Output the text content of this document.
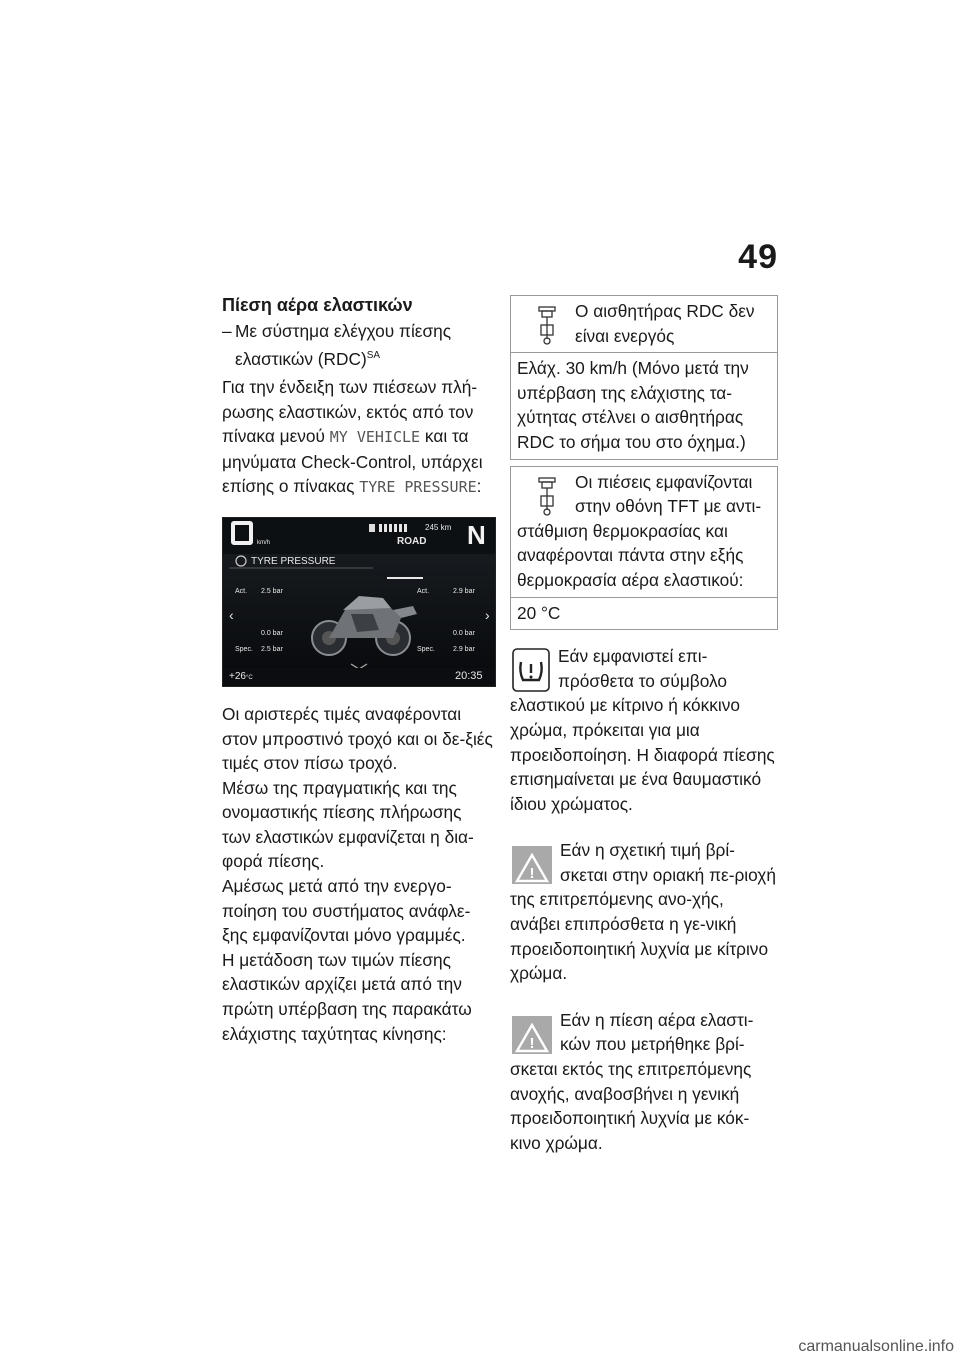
49

Πίεση αέρα ελαστικών

– Με σύστημα ελέγχου πίεσης ελαστικών (RDC)$^{SA}$

Για την ένδειξη των πιέσεων πλή-ρωσης ελαστικών, εκτός από τον πίνακα μενού MY VEHICLE και τα μηνύματα Check-Control, υπάρχει επίσης ο πίνακας TYRE PRESSURE:

km/h
245 km
ROAD N
TYRE PRESSURE
Act. 2.5 bar	Act.	2.9 bar
‹	›
0.0 bar	0.0 bar
Spec. 2.5 bar	Spec.	2.9 bar
+26°C	20:35

Οι αριστερές τιμές αναφέρονται στον μπροστινό τροχό και οι δε-ξιές τιμές στον πίσω τροχό.

Μέσω της πραγματικής και της ονομαστικής πίεσης πλήρωσης των ελαστικών εμφανίζεται η δια-φορά πίεσης.

Αμέσως μετά από την ενεργο-ποίηση του συστήματος ανάφλε-ξης εμφανίζονται μόνο γραμμές.

Η μετάδοση των τιμών πίεσης ελαστικών αρχίζει μετά από την πρώτη υπέρβαση της παρακάτω ελάχιστης ταχύτητας κίνησης:

Ο αισθητήρας RDC δεν είναι ενεργός

Ελάχ. 30 km/h (Μόνο μετά την υπέρβαση της ελάχιστης τα-χύτητας στέλνει ο αισθητήρας RDC το σήμα του στο όχημα.)

Οι πιέσεις εμφανίζονται στην οθόνη TFT με αντι-στάθμιση θερμοκρασίας και αναφέρονται πάντα στην εξής θερμοκρασία αέρα ελαστικού:

20 °C

Εάν εμφανιστεί επι-πρόσθετα το σύμβολο ελαστικού με κίτρινο ή κόκκινο χρώμα, πρόκειται για μια προειδοποίηση. Η διαφορά πίεσης επισημαίνεται με ένα θαυμαστικό ίδιου χρώματος.

!

Εάν η σχετική τιμή βρί-σκεται στην οριακή πε-ριοχή της επιτρεπόμενης ανο-χής, ανάβει επιπρόσθετα η γε-νική προειδοποιητική λυχνία με κίτρινο χρώμα.

!

Εάν η πίεση αέρα ελαστι-κών που μετρήθηκε βρί-σκεται εκτός της επιτρεπόμενης ανοχής, αναβοσβήνει η γενική προειδοποιητική λυχνία με κόκ-κινο χρώμα.

carmanualsonline.info
